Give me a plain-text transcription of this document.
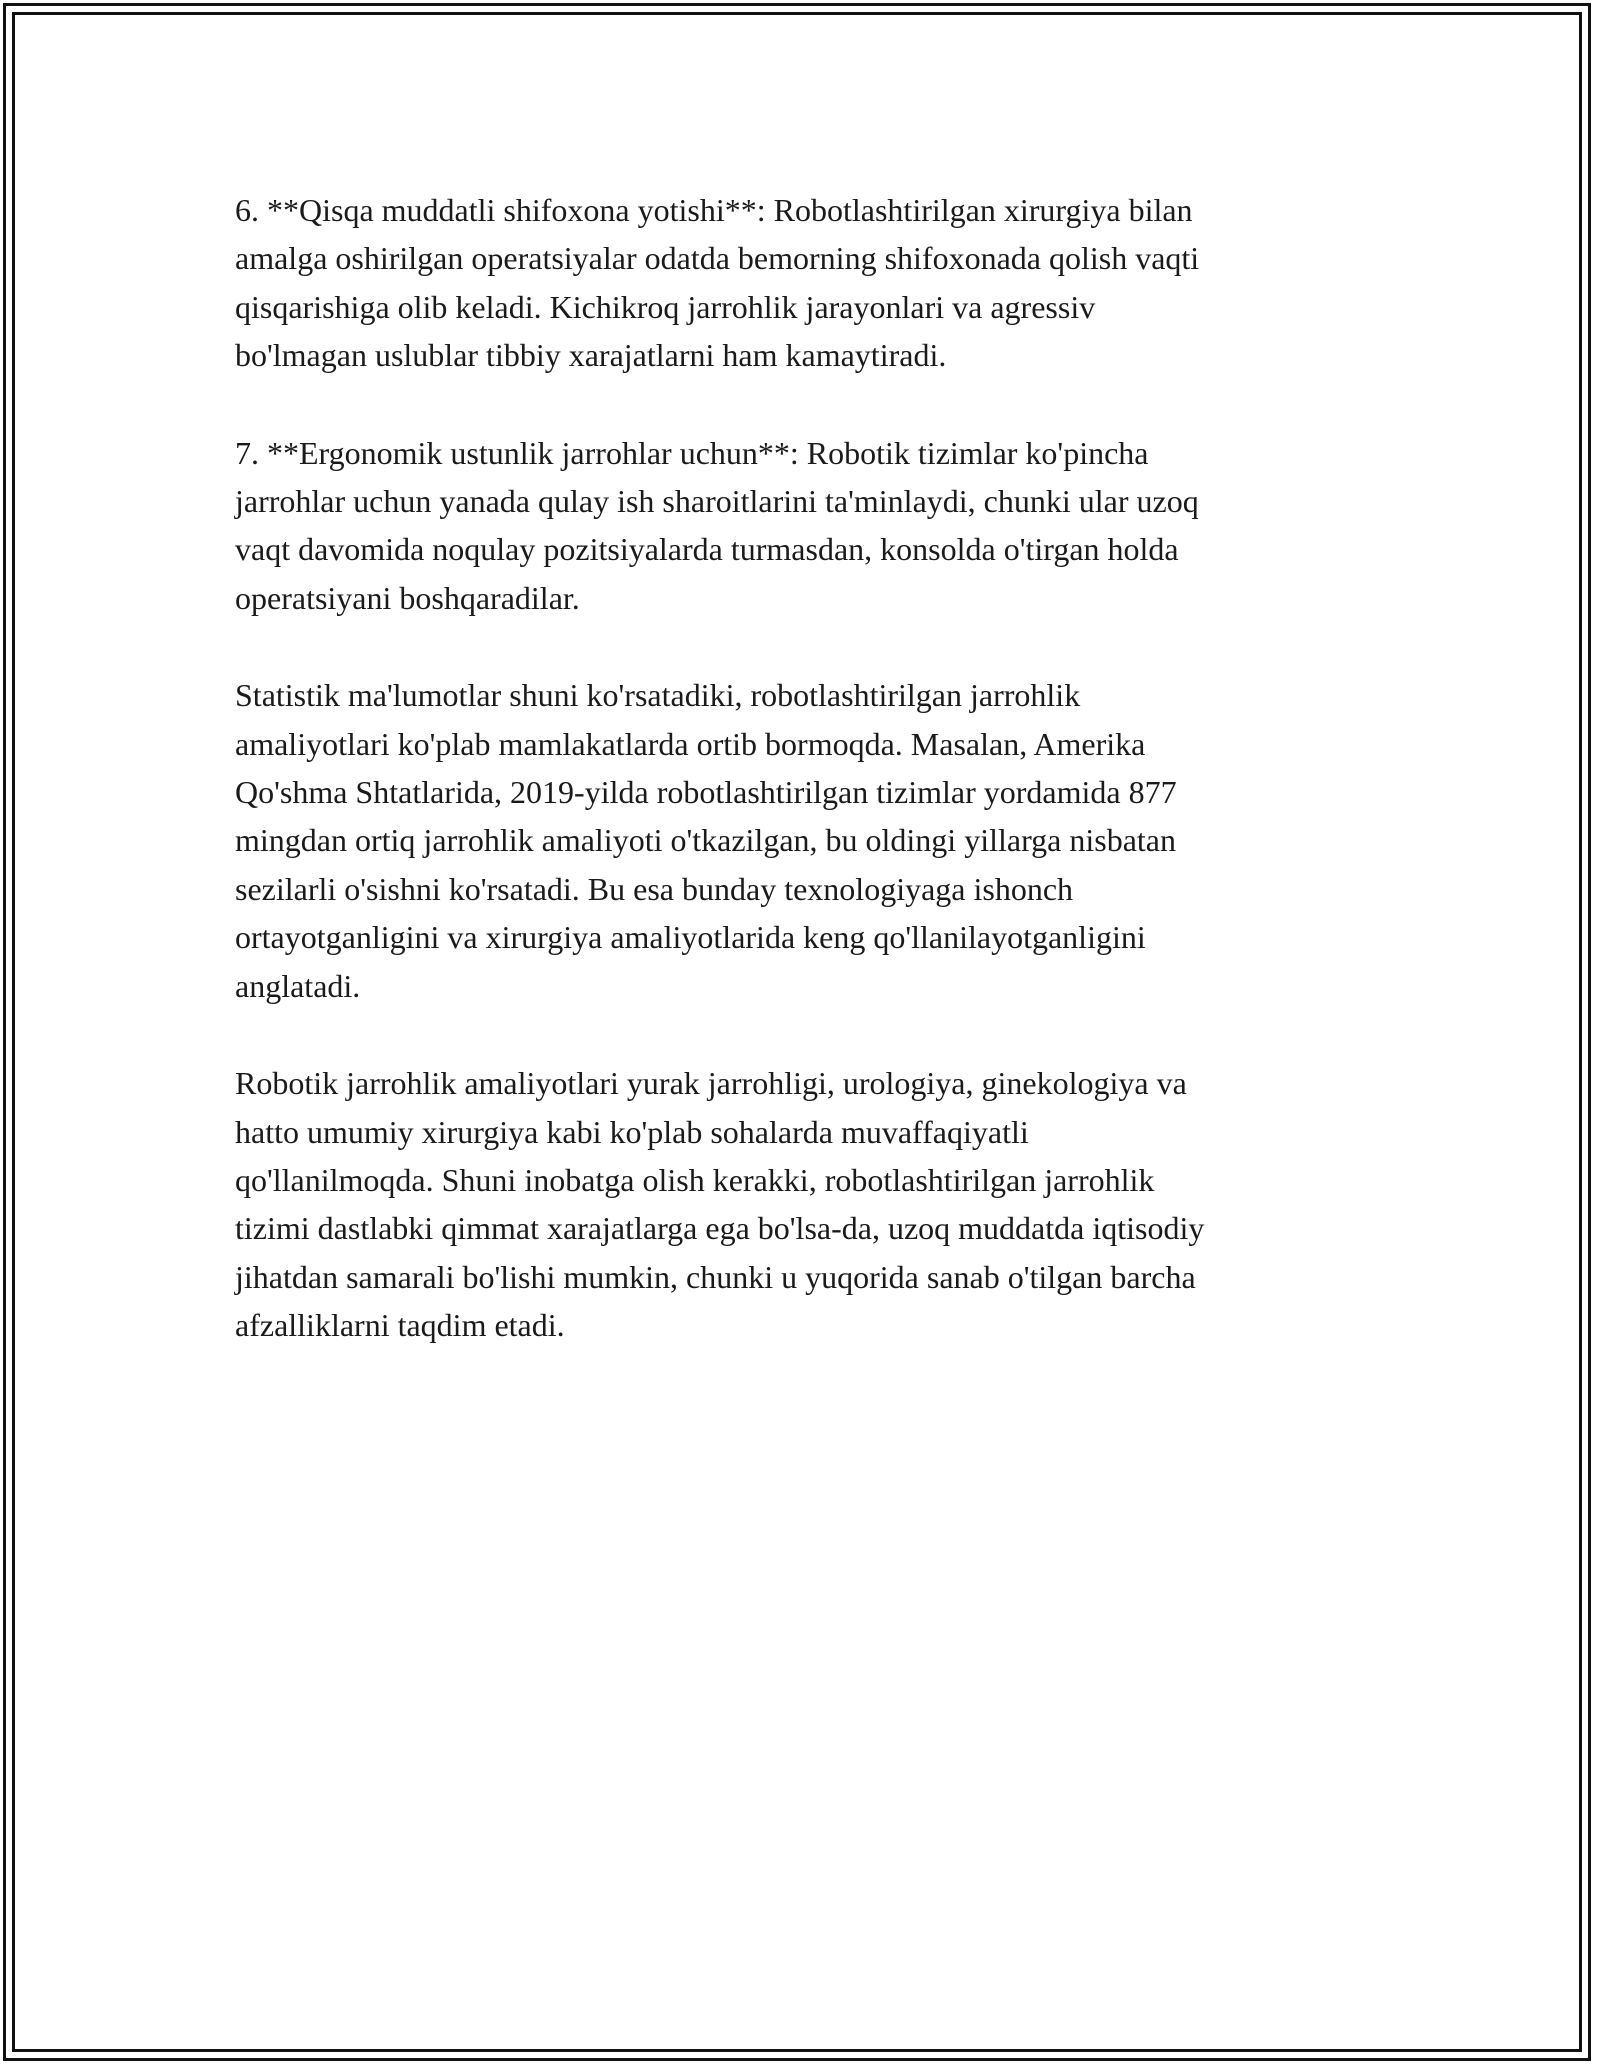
6. **Qisqa muddatli shifoxona yotishi**: Robotlashtirilgan xirurgiya bilan
amalga oshirilgan operatsiyalar odatda bemorning shifoxonada qolish vaqti
qisqarishiga olib keladi. Kichikroq jarrohlik jarayonlari va agressiv
bo'lmagan uslublar tibbiy xarajatlarni ham kamaytiradi.

7. **Ergonomik ustunlik jarrohlar uchun**: Robotik tizimlar ko'pincha
jarrohlar uchun yanada qulay ish sharoitlarini ta'minlaydi, chunki ular uzoq
vaqt davomida noqulay pozitsiyalarda turmasdan, konsolda o'tirgan holda
operatsiyani boshqaradilar.

Statistik ma'lumotlar shuni ko'rsatadiki, robotlashtirilgan jarrohlik
amaliyotlari ko'plab mamlakatlarda ortib bormoqda. Masalan, Amerika
Qo'shma Shtatlarida, 2019-yilda robotlashtirilgan tizimlar yordamida 877
mingdan ortiq jarrohlik amaliyoti o'tkazilgan, bu oldingi yillarga nisbatan
sezilarli o'sishni ko'rsatadi. Bu esa bunday texnologiyaga ishonch
ortayotganligini va xirurgiya amaliyotlarida keng qo'llanilayotganligini
anglatadi.

Robotik jarrohlik amaliyotlari yurak jarrohligi, urologiya, ginekologiya va
hatto umumiy xirurgiya kabi ko'plab sohalarda muvaffaqiyatli
qo'llanilmoqda. Shuni inobatga olish kerakki, robotlashtirilgan jarrohlik
tizimi dastlabki qimmat xarajatlarga ega bo'lsa-da, uzoq muddatda iqtisodiy
jihatdan samarali bo'lishi mumkin, chunki u yuqorida sanab o'tilgan barcha
afzalliklarni taqdim etadi.
